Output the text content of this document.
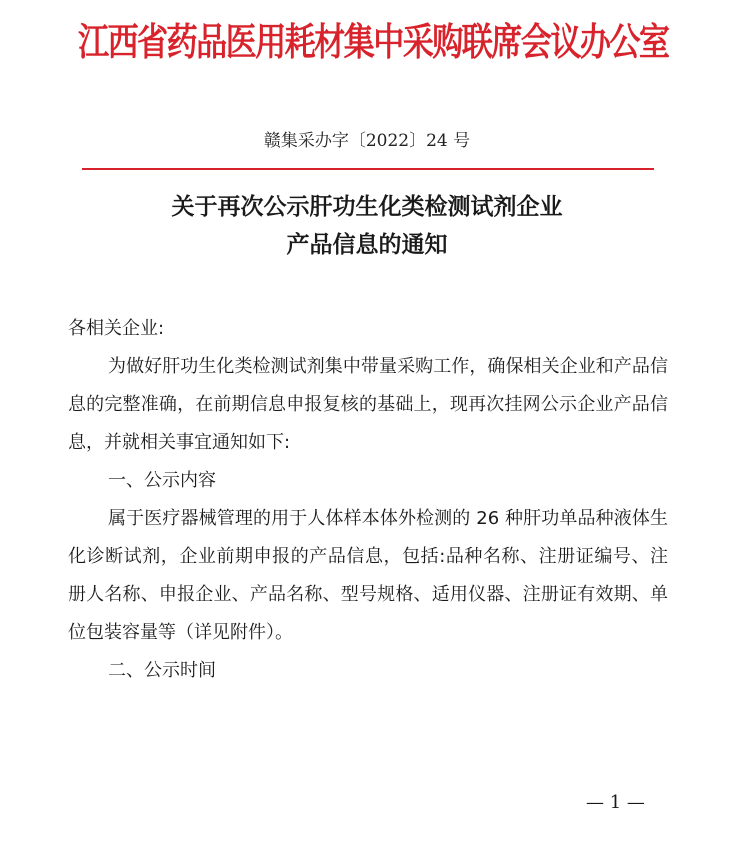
江西省药品医用耗材集中采购联席会议办公室
赣集采办字〔2022〕24 号
关于再次公示肝功生化类检测试剂企业
产品信息的通知

各相关企业:

为做好肝功生化类检测试剂集中带量采购工作，确保相关企业和产品信息的完整准确，在前期信息申报复核的基础上，现再次挂网公示企业产品信息，并就相关事宜通知如下:

一、公示内容

属于医疗器械管理的用于人体样本体外检测的 26 种肝功单品种液体生化诊断试剂，企业前期申报的产品信息，包括:品种名称、注册证编号、注册人名称、申报企业、产品名称、型号规格、适用仪器、注册证有效期、单位包装容量等（详见附件）。

二、公示时间

— 1 —
